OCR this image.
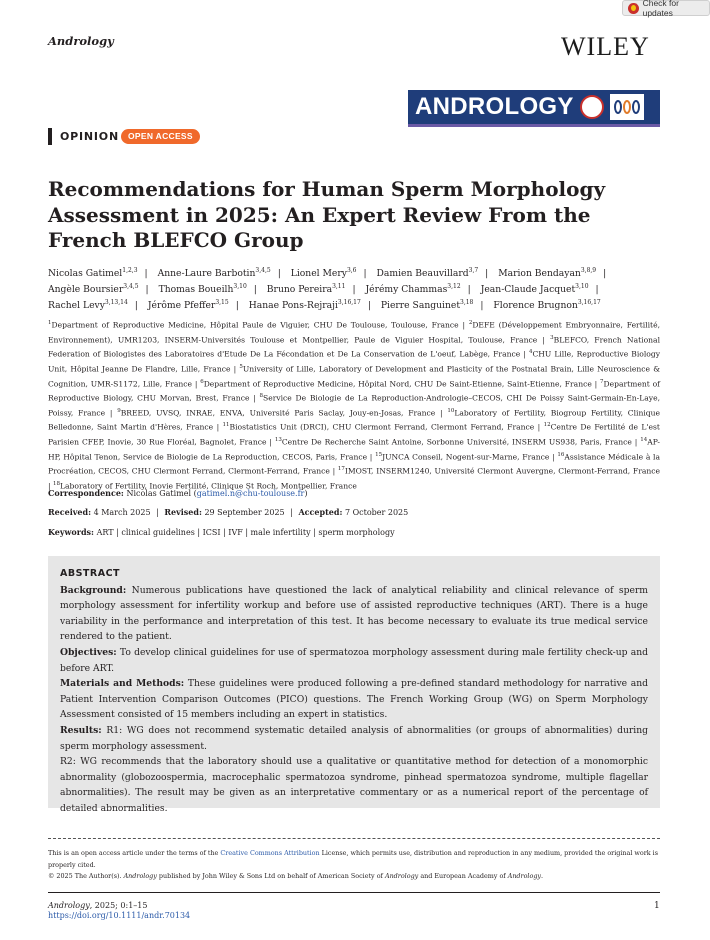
Check for updates
Andrology	WILEY
ANDROLOGY
OPINION	OPEN ACCESS
Recommendations for Human Sperm Morphology Assessment in 2025: An Expert Review From the French BLEFCO Group
Nicolas Gatimel$^{1,2,3}$ | Anne-Laure Barbotin$^{3,4,5}$ | Lionel Mery$^{3,6}$ | Damien Beauvillard$^{3,7}$ | Marion Bendayan$^{3,8,9}$ | Angèle Boursier$^{3,4,5}$ | Thomas Boueilh$^{3,10}$ | Bruno Pereira$^{3,11}$ | Jérémy Chammas$^{3,12}$ | Jean-Claude Jacquet$^{3,10}$ | Rachel Levy$^{3,13,14}$ | Jérôme Pfeffer$^{3,15}$ | Hanae Pons-Rejraji$^{3,16,17}$ | Pierre Sanguinet$^{3,18}$ | Florence Brugnon$^{3,16,17}$
$^1$Department of Reproductive Medicine, Hôpital Paule de Viguier, CHU De Toulouse, Toulouse, France | $^2$DEFE (Développement Embryonnaire, Fertilité, Environnement), UMR1203, INSERM-Universités Toulouse et Montpellier, Paule de Viguier Hospital, Toulouse, France | $^3$BLEFCO, French National Federation of Biologistes des Laboratoires d'Etude De La Fécondation et De La Conservation de L'oeuf, Labège, France | $^4$CHU Lille, Reproductive Biology Unit, Hôpital Jeanne De Flandre, Lille, France | $^5$University of Lille, Laboratory of Development and Plasticity of the Postnatal Brain, Lille Neuroscience & Cognition, UMR-S1172, Lille, France | $^6$Department of Reproductive Medicine, Hôpital Nord, CHU De Saint-Etienne, Saint-Etienne, France | $^7$Department of Reproductive Biology, CHU Morvan, Brest, France | $^8$Service De Biologie de La Reproduction-Andrologie–CECOS, CHI De Poissy Saint-Germain-En-Laye, Poissy, France | $^9$BREED, UVSQ, INRAE, ENVA, Université Paris Saclay, Jouy-en-Josas, France | $^{10}$Laboratory of Fertility, Biogroup Fertility, Clinique Belledonne, Saint Martin d'Hères, France | $^{11}$Biostatistics Unit (DRCI), CHU Clermont Ferrand, Clermont Ferrand, France | $^{12}$Centre De Fertilité de L'est Parisien CFEP, Inovie, 30 Rue Floréal, Bagnolet, France | $^{13}$Centre De Recherche Saint Antoine, Sorbonne Université, INSERM US938, Paris, France | $^{14}$AP-HP, Hôpital Tenon, Service de Biologie de La Reproduction, CECOS, Paris, France | $^{15}$JUNCA Conseil, Nogent-sur-Marne, France | $^{16}$Assistance Médicale à la Procréation, CECOS, CHU Clermont Ferrand, Clermont-Ferrand, France | $^{17}$IMOST, INSERM1240, Université Clermont Auvergne, Clermont-Ferrand, France | $^{18}$Laboratory of Fertility, Inovie Fertilité, Clinique St Roch, Montpellier, France
Correspondence: Nicolas Gatimel (gatimel.n@chu-toulouse.fr)
Received: 4 March 2025 | Revised: 29 September 2025 | Accepted: 7 October 2025
Keywords: ART | clinical guidelines | ICSI | IVF | male infertility | sperm morphology

ABSTRACT

Background: Numerous publications have questioned the lack of analytical reliability and clinical relevance of sperm morphology assessment for infertility workup and before use of assisted reproductive techniques (ART). There is a huge variability in the performance and interpretation of this test. It has become necessary to evaluate its true medical service rendered to the patient.

Objectives: To develop clinical guidelines for use of spermatozoa morphology assessment during male fertility check-up and before ART.

Materials and Methods: These guidelines were produced following a pre-defined standard methodology for narrative and Patient Intervention Comparison Outcomes (PICO) questions. The French Working Group (WG) on Sperm Morphology Assessment consisted of 15 members including an expert in statistics.

Results: R1: WG does not recommend systematic detailed analysis of abnormalities (or groups of abnormalities) during sperm morphology assessment.

R2: WG recommends that the laboratory should use a qualitative or quantitative method for detection of a monomorphic abnormality (globozoospermia, macrocephalic spermatozoa syndrome, pinhead spermatozoa syndrome, multiple flagellar abnormalities). The result may be given as an interpretative commentary or as a numerical report of the percentage of detailed abnormalities.

This is an open access article under the terms of the Creative Commons Attribution License, which permits use, distribution and reproduction in any medium, provided the original work is properly cited.
© 2025 The Author(s). Andrology published by John Wiley & Sons Ltd on behalf of American Society of Andrology and European Academy of Andrology.
Andrology, 2025; 0:1–15
https://doi.org/10.1111/andr.70134
1
